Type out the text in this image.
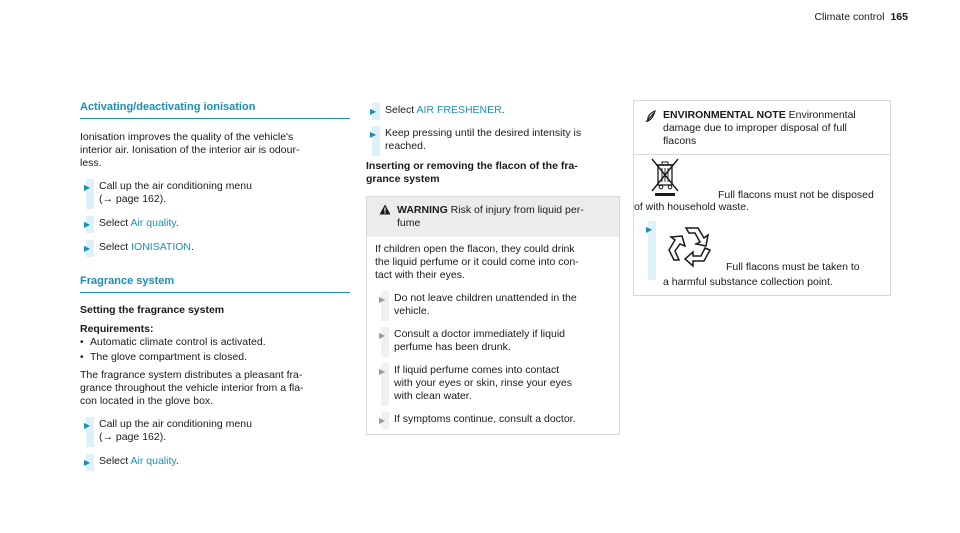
Climate control 165
Activating/deactivating ionisation

Ionisation improves the quality of the vehicle's
interior air. Ionisation of the interior air is odour-
less.

▶ Call up the air conditioning menu
(→ page 162).
▶ Select Air quality.
▶ Select IONISATION.
Fragrance system

Setting the fragrance system

Requirements:

• Automatic climate control is activated.

• The glove compartment is closed.

The fragrance system distributes a pleasant fra-
grance throughout the vehicle interior from a fla-
con located in the glove box.

▶ Call up the air conditioning menu
(→ page 162).
▶ Select Air quality.
▶ Select AIR FRESHENER.
▶ Keep pressing until the desired intensity is
reached.

Inserting or removing the flacon of the fra-
grance system

WARNING Risk of injury from liquid per-
fume

If children open the flacon, they could drink
the liquid perfume or it could come into con-
tact with their eyes.

▶ Do not leave children unattended in the
vehicle.
▶ Consult a doctor immediately if liquid
perfume has been drunk.
▶ If liquid perfume comes into contact
with your eyes or skin, rinse your eyes
with clean water.
▶ If symptoms continue, consult a doctor.
ENVIRONMENTAL NOTE Environmental
damage due to improper disposal of full
flacons
Full flacons must not be disposed

of with household waste.

▶
Full flacons must be taken to

a harmful substance collection point.
